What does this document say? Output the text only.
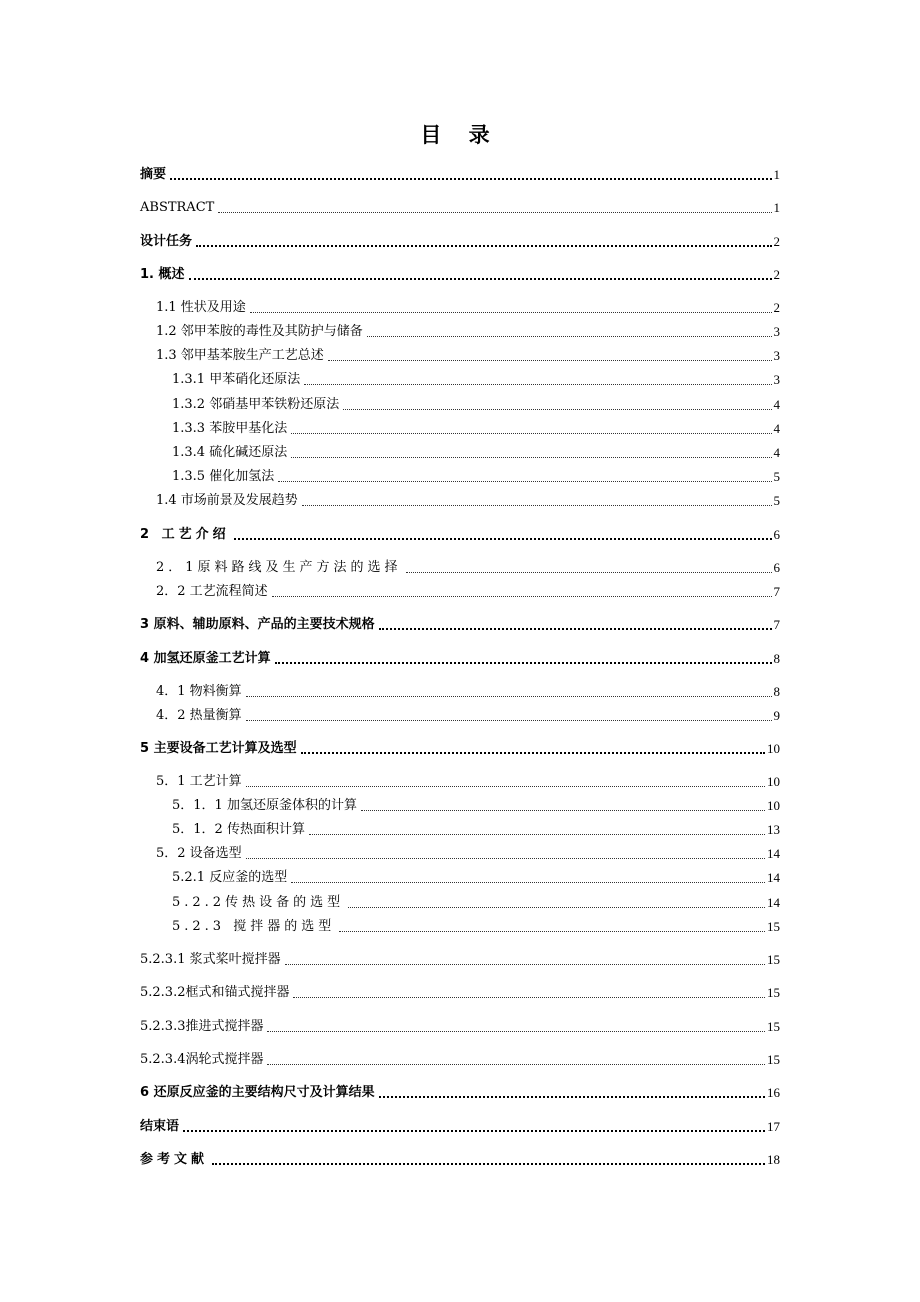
目 录
摘要	1
ABSTRACT	1
设计任务	2
1. 概述	2
1.1 性状及用途	2
1.2 邻甲苯胺的毒性及其防护与储备	3
1.3 邻甲基苯胺生产工艺总述	3
1.3.1 甲苯硝化还原法	3
1.3.2 邻硝基甲苯铁粉还原法	4
1.3.3 苯胺甲基化法	4
1.3.4 硫化碱还原法	4
1.3.5 催化加氢法	5
1.4 市场前景及发展趋势	5
2 工艺介绍	6
2．1原料路线及生产方法的选择	6
2．2 工艺流程简述	7
3 原料、辅助原料、产品的主要技术规格	7
4 加氢还原釜工艺计算	8
4．1 物料衡算	8
4．2 热量衡算	9
5 主要设备工艺计算及选型	10
5．1 工艺计算	10
5．1．1 加氢还原釜体积的计算	10
5．1．2 传热面积计算	13
5．2 设备选型	14
5.2.1 反应釜的选型	14
5.2.2传热设备的选型	14
5.2.3 搅拌器的选型	15
5.2.3.1 浆式桨叶搅拌器	15
5.2.3.2框式和锚式搅拌器	15
5.2.3.3推进式搅拌器	15
5.2.3.4涡轮式搅拌器	15
6 还原反应釜的主要结构尺寸及计算结果	16
结束语	17
参考文献	18
